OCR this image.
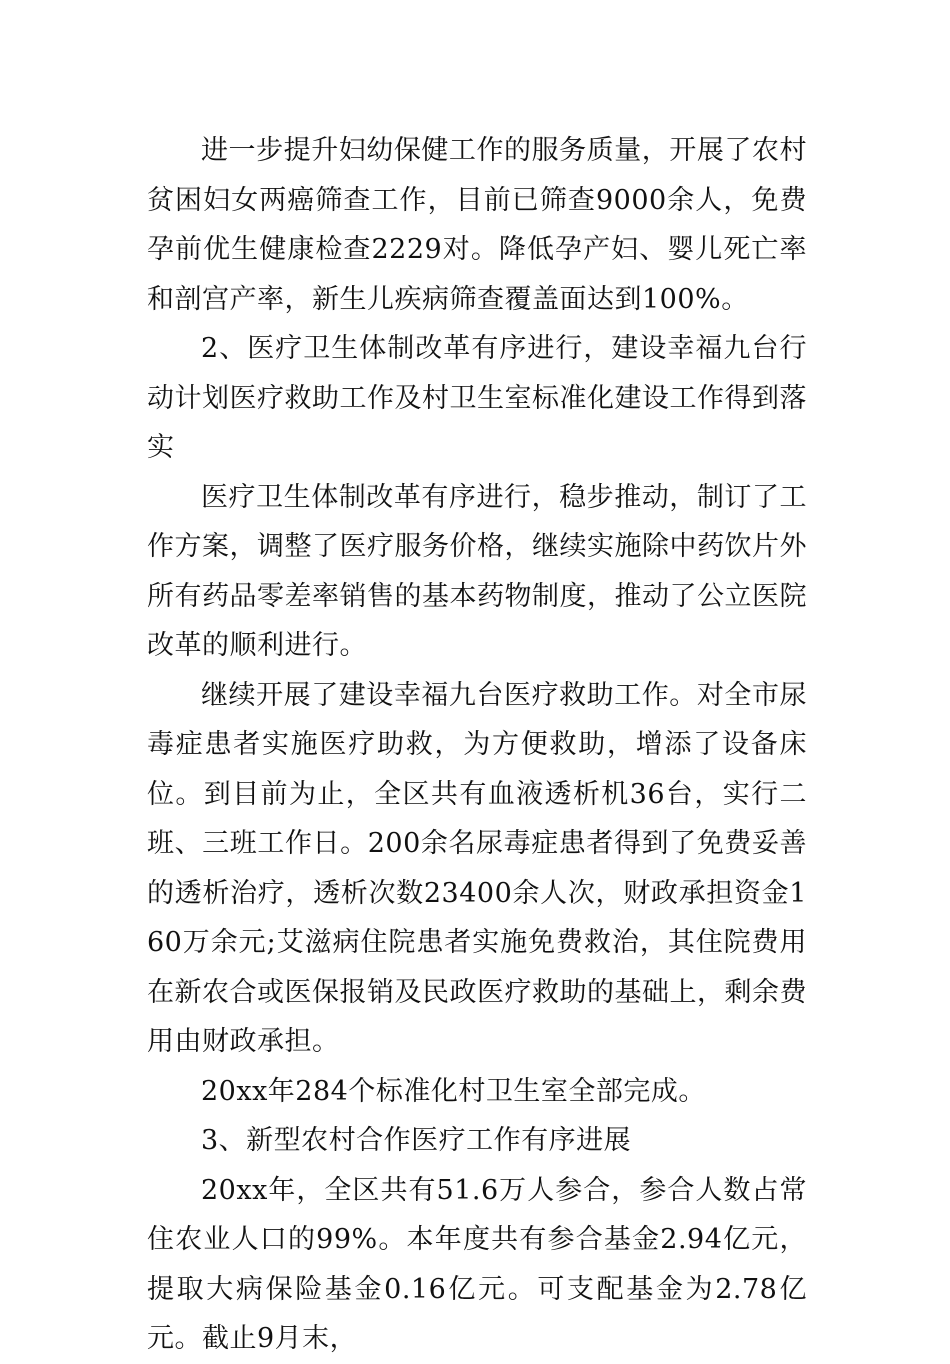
进一步提升妇幼保健工作的服务质量，开展了农村贫困妇女两癌筛查工作，目前已筛查9000余人，免费孕前优生健康检查2229对。降低孕产妇、婴儿死亡率和剖宫产率，新生儿疾病筛查覆盖面达到100%。

2、医疗卫生体制改革有序进行，建设幸福九台行动计划医疗救助工作及村卫生室标准化建设工作得到落实

医疗卫生体制改革有序进行，稳步推动，制订了工作方案，调整了医疗服务价格，继续实施除中药饮片外所有药品零差率销售的基本药物制度，推动了公立医院改革的顺利进行。

继续开展了建设幸福九台医疗救助工作。对全市尿毒症患者实施医疗助救，为方便救助，增添了设备床位。到目前为止，全区共有血液透析机36台，实行二班、三班工作日。200余名尿毒症患者得到了免费妥善的透析治疗，透析次数23400余人次，财政承担资金160万余元;艾滋病住院患者实施免费救治，其住院费用在新农合或医保报销及民政医疗救助的基础上，剩余费用由财政承担。

20xx年284个标准化村卫生室全部完成。

3、新型农村合作医疗工作有序进展

20xx年，全区共有51.6万人参合，参合人数占常住农业人口的99%。本年度共有参合基金2.94亿元，提取大病保险基金0.16亿元。可支配基金为2.78亿元。截止9月末，
